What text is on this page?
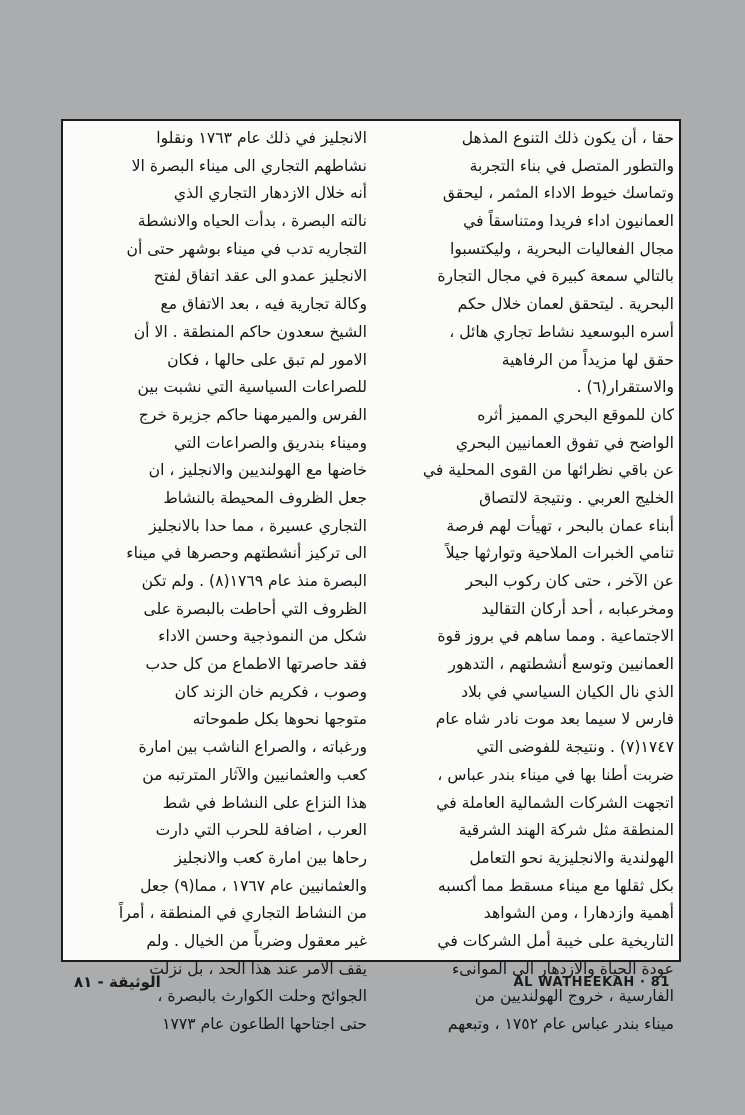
حقا ، أن يكون ذلك التنوع المذهل
والتطور المتصل في بناء التجربة
وتماسك خيوط الاداء المثمر ، ليحقق
العمانيون اداء فريدا ومتناسقاً في
مجال الفعاليات البحرية ، وليكتسبوا
بالتالي سمعة كبيرة في مجال التجارة
البحرية . ليتحقق لعمان خلال حكم
أسره البوسعيد نشاط تجاري هائل ،
حقق لها مزيداً من الرفاهية
والاستقرار(٦) .
كان للموقع البحري المميز أثره
الواضح في تفوق العمانيين البحري
عن باقي نظرائها من القوى المحلية في
الخليج العربي . ونتيجة لالتصاق
أبناء عمان بالبحر ، تهيأت لهم فرصة
تنامي الخبرات الملاحية وتوارثها جيلاً
عن الآخر ، حتى كان ركوب البحر
ومخرعبابه ، أحد أركان التقاليد
الاجتماعية . ومما ساهم في بروز قوة
العمانيين وتوسع أنشطتهم ، التدهور
الذي نال الكيان السياسي في بلاد
فارس لا سيما بعد موت نادر شاه عام
١٧٤٧(٧) . ونتيجة للفوضى التي
ضربت أطنا بها في ميناء بندر عباس ،
اتجهت الشركات الشمالية العاملة في
المنطقة مثل شركة الهند الشرقية
الهولندية والانجليزية نحو التعامل
بكل ثقلها مع ميناء مسقط مما أكسبه
أهمية وازدهارا ، ومن الشواهد
التاريخية على خيبة أمل الشركات في
عودة الحياة والازدهار الى الموانىء
الفارسية ، خروج الهولنديين من
ميناء بندر عباس عام ١٧٥٢ ، وتبعهم
الانجليز في ذلك عام ١٧٦٣ ونقلوا
نشاطهم التجاري الى ميناء البصرة الا
أنه خلال الازدهار التجاري الذي
نالته البصرة ، بدأت الحياه والانشطة
التجاريه تدب في ميناء بوشهر حتى أن
الانجليز عمدو الى عقد اتفاق لفتح
وكالة تجارية فيه ، بعد الاتفاق مع
الشيخ سعدون حاكم المنطقة . الا أن
الامور لم تبق على حالها ، فكان
للصراعات السياسية التي نشبت بين
الفرس والميرمهنا حاكم جزيرة خرج
وميناء بندريق والصراعات التي
خاضها مع الهولنديين والانجليز ، ان
جعل الظروف المحيطة بالنشاط
التجاري عسيرة ، مما حدا بالانجليز
الى تركيز أنشطتهم وحصرها في ميناء
البصرة منذ عام ١٧٦٩(٨) . ولم تكن
الظروف التي أحاطت بالبصرة على
شكل من النموذجية وحسن الاداء
فقد حاصرتها الاطماع من كل حدب
وصوب ، فكريم خان الزند كان
متوجها نحوها بكل طموحاته
ورغباته ، والصراع الناشب بين امارة
كعب والعثمانيين والآثار المترتبه من
هذا النزاع على النشاط في شط
العرب ، اضافة للحرب التي دارت
رحاها بين امارة كعب والانجليز
والعثمانيين عام ١٧٦٧ ، مما(٩) جعل
من النشاط التجاري في المنطقة ، أمراً
غير معقول وضرباً من الخيال . ولم
يقف الامر عند هذا الحد ، بل نزلت
الجوائح وحلت الكوارث بالبصرة ،
حتى اجتاحها الطاعون عام ١٧٧٣
الوثيقة - ٨١	AL WATHEEKAH · 81
